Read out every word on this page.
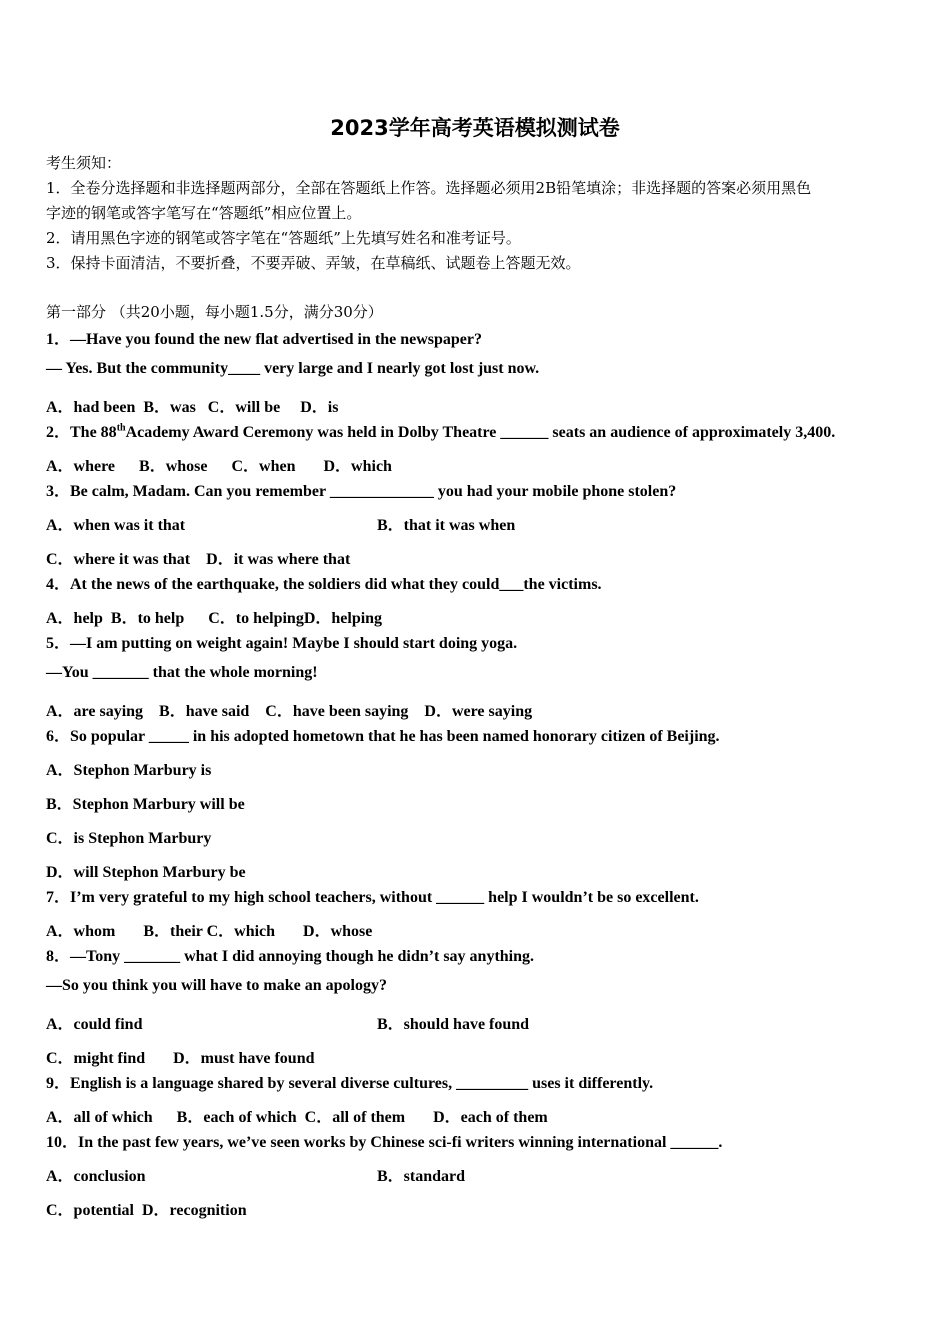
2023学年高考英语模拟测试卷
考生须知：
1．全卷分选择题和非选择题两部分，全部在答题纸上作答。选择题必须用2B铅笔填涂；非选择题的答案必须用黑色
字迹的钢笔或答字笔写在“答题纸”相应位置上。
2．请用黑色字迹的钢笔或答字笔在“答题纸”上先填写姓名和准考证号。
3．保持卡面清洁，不要折叠，不要弄破、弄皱，在草稿纸、试题卷上答题无效。
第一部分 （共20小题，每小题1.5分，满分30分）
1．—Have you found the new flat advertised in the newspaper?
— Yes. But the community____ very large and I nearly got lost just now.
A．had been  B．was   C．will be     D．is
2．The 88thAcademy Award Ceremony was held in Dolby Theatre ______ seats an audience of approximately 3,400.
A．where      B．whose      C．when       D．which
3．Be calm, Madam. Can you remember _____________ you had your mobile phone stolen?
A．when was it that	B．that it was when
C．where it was that    D．it was where that
4．At the news of the earthquake, the soldiers did what they could___the victims.
A．help  B．to help      C．to helpingD．helping
5．—I am putting on weight again! Maybe I should start doing yoga.
—You _______ that the whole morning!
A．are saying    B．have said    C．have been saying    D．were saying
6．So popular _____ in his adopted hometown that he has been named honorary citizen of Beijing.
A．Stephon Marbury is
B．Stephon Marbury will be
C．is Stephon Marbury
D．will Stephon Marbury be
7．I’m very grateful to my high school teachers, without ______ help I wouldn’t be so excellent.
A．whom       B．their C．which       D．whose
8．—Tony _______ what I did annoying though he didn’t say anything.
—So you think you will have to make an apology?
A．could find	B．should have found
C．might find       D．must have found
9．English is a language shared by several diverse cultures, _________ uses it differently.
A．all of which      B．each of which  C．all of them       D．each of them
10．In the past few years, we’ve seen works by Chinese sci-fi writers winning international ______.
A．conclusion	B．standard
C．potential  D．recognition
